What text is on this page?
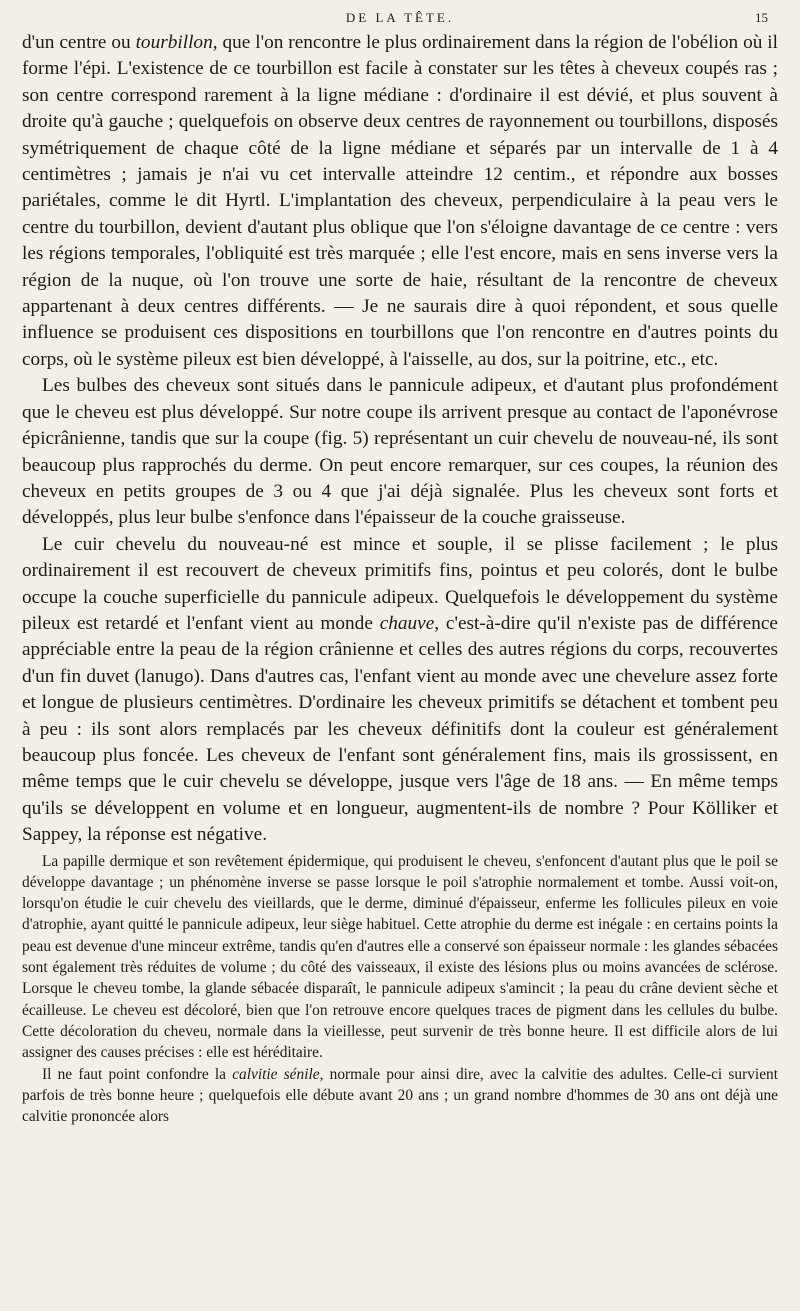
DE LA TÊTE.	15

d'un centre ou tourbillon, que l'on rencontre le plus ordinairement dans la région de l'obélion où il forme l'épi. L'existence de ce tourbillon est facile à constater sur les têtes à cheveux coupés ras ; son centre correspond rarement à la ligne médiane : d'ordinaire il est dévié, et plus souvent à droite qu'à gauche ; quelquefois on observe deux centres de rayonnement ou tourbillons, disposés symétriquement de chaque côté de la ligne médiane et séparés par un intervalle de 1 à 4 centimètres ; jamais je n'ai vu cet intervalle atteindre 12 centim., et répondre aux bosses pariétales, comme le dit Hyrtl. L'implantation des cheveux, perpendiculaire à la peau vers le centre du tourbillon, devient d'autant plus oblique que l'on s'éloigne davantage de ce centre : vers les régions temporales, l'obliquité est très marquée ; elle l'est encore, mais en sens inverse vers la région de la nuque, où l'on trouve une sorte de haie, résultant de la rencontre de cheveux appartenant à deux centres différents. — Je ne saurais dire à quoi répondent, et sous quelle influence se produisent ces dispositions en tourbillons que l'on rencontre en d'autres points du corps, où le système pileux est bien développé, à l'aisselle, au dos, sur la poitrine, etc., etc.

Les bulbes des cheveux sont situés dans le pannicule adipeux, et d'autant plus profondément que le cheveu est plus développé. Sur notre coupe ils arrivent presque au contact de l'aponévrose épicrânienne, tandis que sur la coupe (fig. 5) représentant un cuir chevelu de nouveau-né, ils sont beaucoup plus rapprochés du derme. On peut encore remarquer, sur ces coupes, la réunion des cheveux en petits groupes de 3 ou 4 que j'ai déjà signalée. Plus les cheveux sont forts et développés, plus leur bulbe s'enfonce dans l'épaisseur de la couche graisseuse.

Le cuir chevelu du nouveau-né est mince et souple, il se plisse facilement ; le plus ordinairement il est recouvert de cheveux primitifs fins, pointus et peu colorés, dont le bulbe occupe la couche superficielle du pannicule adipeux. Quelquefois le développement du système pileux est retardé et l'enfant vient au monde chauve, c'est-à-dire qu'il n'existe pas de différence appréciable entre la peau de la région crânienne et celles des autres régions du corps, recouvertes d'un fin duvet (lanugo). Dans d'autres cas, l'enfant vient au monde avec une chevelure assez forte et longue de plusieurs centimètres. D'ordinaire les cheveux primitifs se détachent et tombent peu à peu : ils sont alors remplacés par les cheveux définitifs dont la couleur est généralement beaucoup plus foncée. Les cheveux de l'enfant sont généralement fins, mais ils grossissent, en même temps que le cuir chevelu se développe, jusque vers l'âge de 18 ans. — En même temps qu'ils se développent en volume et en longueur, augmentent-ils de nombre ? Pour Kölliker et Sappey, la réponse est négative.

La papille dermique et son revêtement épidermique, qui produisent le cheveu, s'enfoncent d'autant plus que le poil se développe davantage ; un phénomène inverse se passe lorsque le poil s'atrophie normalement et tombe. Aussi voit-on, lorsqu'on étudie le cuir chevelu des vieillards, que le derme, diminué d'épaisseur, enferme les follicules pileux en voie d'atrophie, ayant quitté le pannicule adipeux, leur siège habituel. Cette atrophie du derme est inégale : en certains points la peau est devenue d'une minceur extrême, tandis qu'en d'autres elle a conservé son épaisseur normale : les glandes sébacées sont également très réduites de volume ; du côté des vaisseaux, il existe des lésions plus ou moins avancées de sclérose. Lorsque le cheveu tombe, la glande sébacée disparaît, le pannicule adipeux s'amincit ; la peau du crâne devient sèche et écailleuse. Le cheveu est décoloré, bien que l'on retrouve encore quelques traces de pigment dans les cellules du bulbe. Cette décoloration du cheveu, normale dans la vieillesse, peut survenir de très bonne heure. Il est difficile alors de lui assigner des causes précises : elle est héréditaire.

Il ne faut point confondre la calvitie sénile, normale pour ainsi dire, avec la calvitie des adultes. Celle-ci survient parfois de très bonne heure ; quelquefois elle débute avant 20 ans ; un grand nombre d'hommes de 30 ans ont déjà une calvitie prononcée alors
